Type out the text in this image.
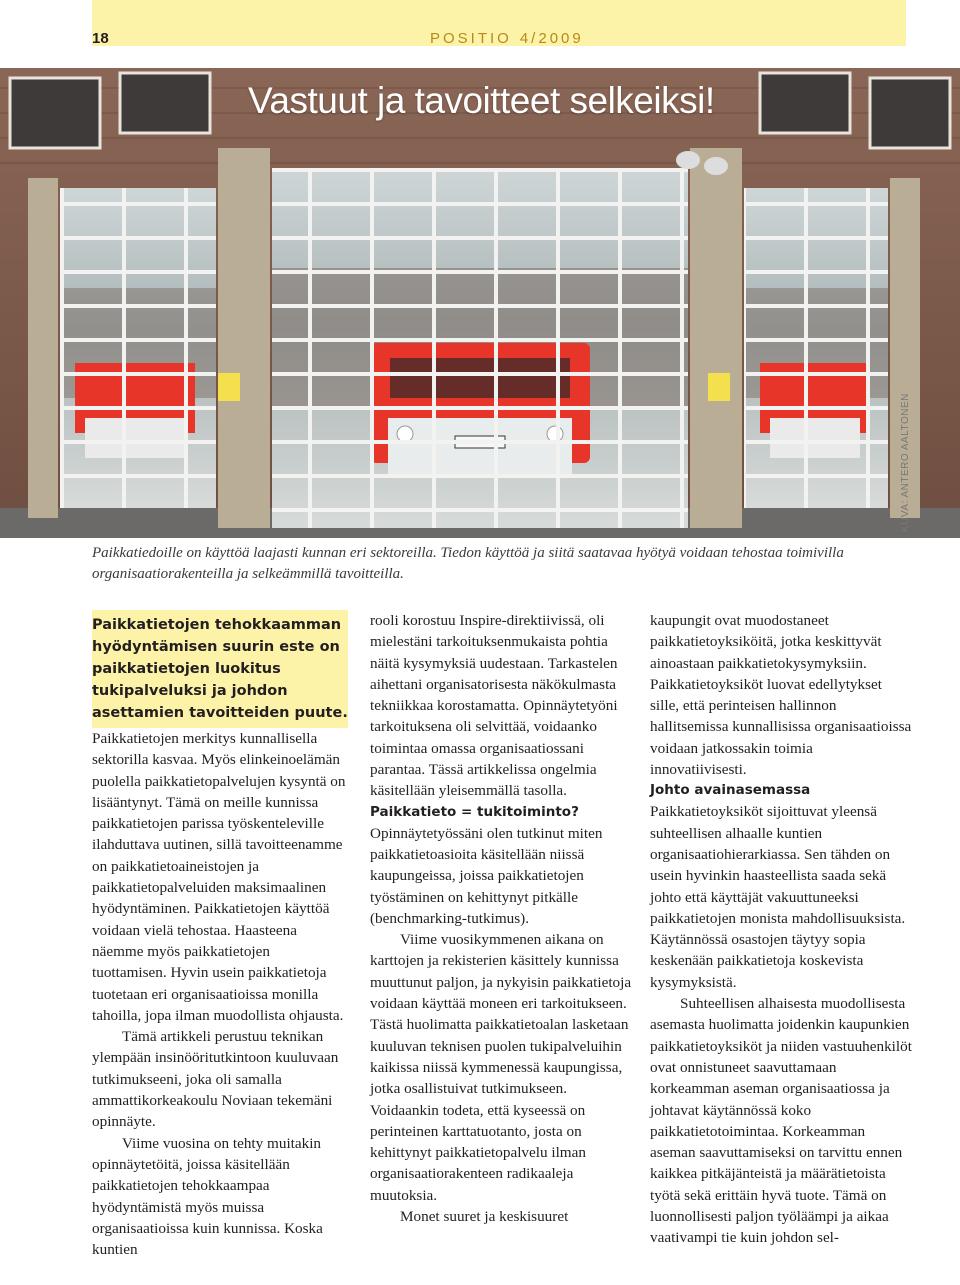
18	POSITIO 4/2009
Vastuut ja tavoitteet selkeiksi!
KUVA: ANTERO AALTONEN

Paikkatiedoille on käyttöä laajasti kunnan eri sektoreilla. Tiedon käyttöä ja siitä saatavaa hyötyä voidaan tehostaa toimivilla organisaatiorakenteilla ja selkeämmillä tavoitteilla.

Paikkatietojen tehokkaamman hyödyntämisen suurin este on paikkatietojen luokitus tukipalveluksi ja johdon asettamien tavoitteiden puute.

Paikkatietojen merkitys kunnallisella sektorilla kasvaa. Myös elinkeinoelämän puolella paikkatietopalvelujen kysyntä on lisääntynyt. Tämä on meille kunnissa paikkatietojen parissa työskenteleville ilahduttava uutinen, sillä tavoitteenamme on paikkatietoaineistojen ja paikkatietopalveluiden maksimaalinen hyödyntäminen. Paikkatietojen käyttöä voidaan vielä tehostaa. Haasteena näemme myös paikkatietojen tuottamisen. Hyvin usein paikkatietoja tuotetaan eri organisaatioissa monilla tahoilla, jopa ilman muodollista ohjausta.

Tämä artikkeli perustuu teknikan ylempään insinööritutkintoon kuuluvaan tutkimukseeni, joka oli samalla ammattikorkeakoulu Noviaan tekemäni opinnäyte.

Viime vuosina on tehty muitakin opinnäytetöitä, joissa käsitellään paikkatietojen tehokkaampaa hyödyntämistä myös muissa organisaatioissa kuin kunnissa. Koska kuntien

rooli korostuu Inspire-direktiivissä, oli mielestäni tarkoituksenmukaista pohtia näitä kysymyksiä uudestaan. Tarkastelen aihettani organisatorisesta näkökulmasta tekniikkaa korostamatta. Opinnäytetyöni tarkoituksena oli selvittää, voidaanko toimintaa omassa organisaatiossani parantaa. Tässä artikkelissa ongelmia käsitellään yleisemmällä tasolla.

Paikkatieto = tukitoiminto?

Opinnäytetyössäni olen tutkinut miten paikkatietoasioita käsitellään niissä kaupungeissa, joissa paikkatietojen työstäminen on kehittynyt pitkälle (benchmarking-tutkimus).

Viime vuosikymmenen aikana on karttojen ja rekisterien käsittely kunnissa muuttunut paljon, ja nykyisin paikkatietoja voidaan käyttää moneen eri tarkoitukseen. Tästä huolimatta paikkatietoalan lasketaan kuuluvan teknisen puolen tukipalveluihin kaikissa niissä kymmenessä kaupungissa, jotka osallistuivat tutkimukseen. Voidaankin todeta, että kyseessä on perinteinen karttatuotanto, josta on kehittynyt paikkatietopalvelu ilman organisaatiorakenteen radikaaleja muutoksia.

Monet suuret ja keskisuuret

kaupungit ovat muodostaneet paikkatietoyksiköitä, jotka keskittyvät ainoastaan paikkatietokysymyksiin. Paikkatietoyksiköt luovat edellytykset sille, että perinteisen hallinnon hallitsemissa kunnallisissa organisaatioissa voidaan jatkossakin toimia innovatiivisesti.

Johto avainasemassa

Paikkatietoyksiköt sijoittuvat yleensä suhteellisen alhaalle kuntien organisaatiohierarkiassa. Sen tähden on usein hyvinkin haasteellista saada sekä johto että käyttäjät vakuuttuneeksi paikkatietojen monista mahdollisuuksista. Käytännössä osastojen täytyy sopia keskenään paikkatietoja koskevista kysymyksistä.

Suhteellisen alhaisesta muodollisesta asemasta huolimatta joidenkin kaupunkien paikkatietoyksiköt ja niiden vastuuhenkilöt ovat onnistuneet saavuttamaan korkeamman aseman organisaatiossa ja johtavat käytännössä koko paikkatietotoimintaa. Korkeamman aseman saavuttamiseksi on tarvittu ennen kaikkea pitkäjänteistä ja määrätietoista työtä sekä erittäin hyvä tuote. Tämä on luonnollisesti paljon työläämpi ja aikaa vaativampi tie kuin johdon sel-
